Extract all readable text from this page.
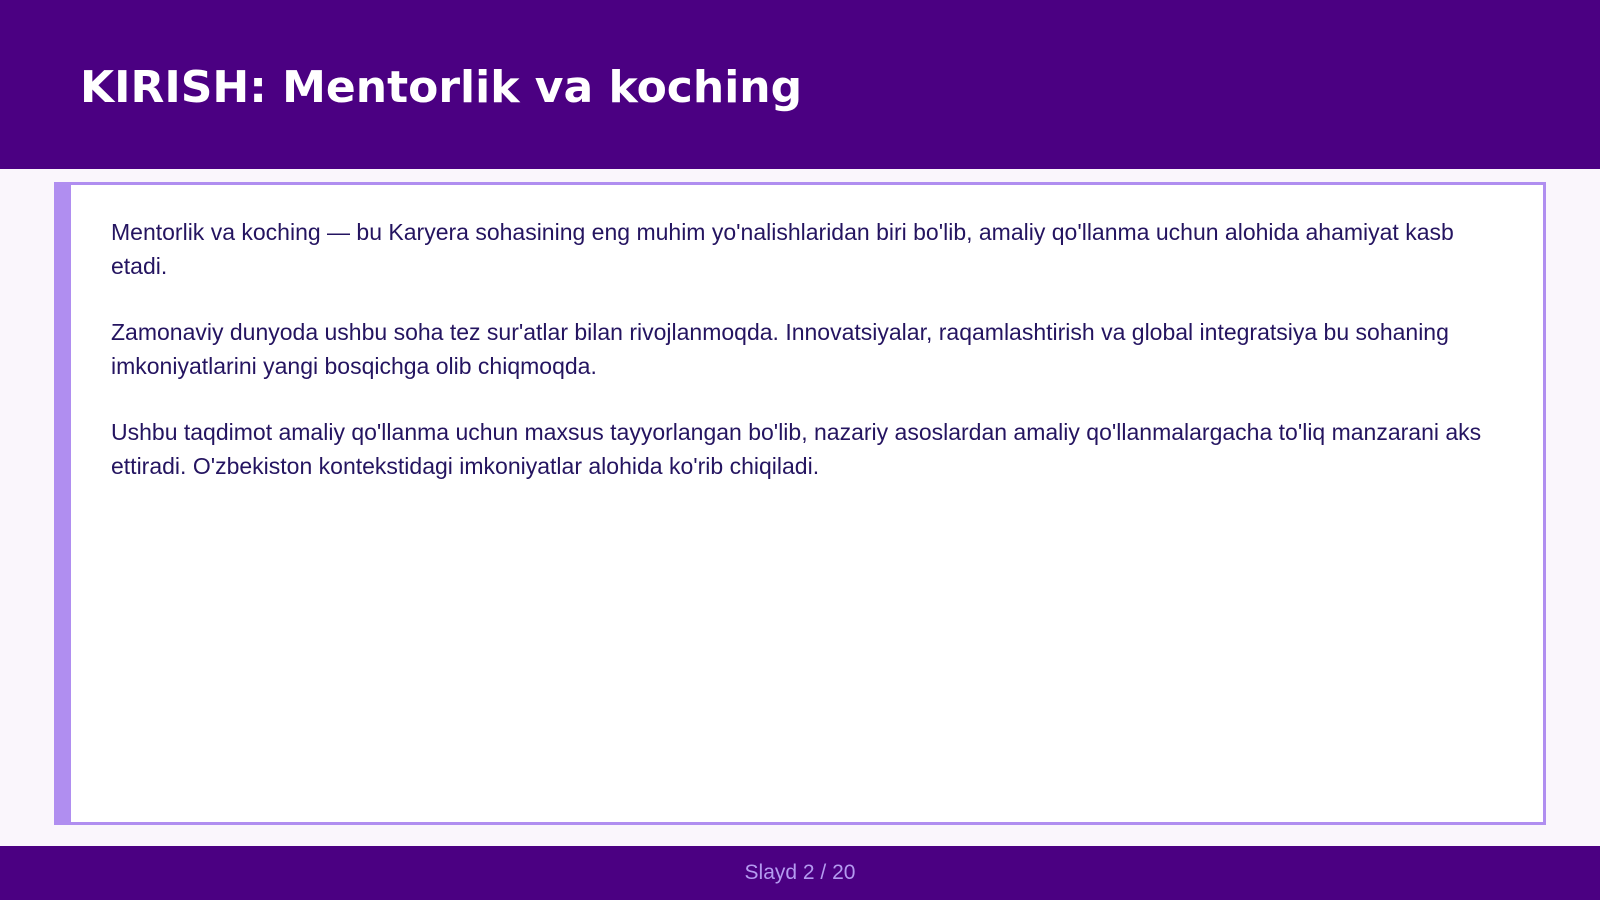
KIRISH: Mentorlik va koching

Mentorlik va koching — bu Karyera sohasining eng muhim yo'nalishlaridan biri bo'lib, amaliy qo'llanma uchun alohida ahamiyat kasb etadi.

Zamonaviy dunyoda ushbu soha tez sur'atlar bilan rivojlanmoqda. Innovatsiyalar, raqamlashtirish va global integratsiya bu sohaning imkoniyatlarini yangi bosqichga olib chiqmoqda.

Ushbu taqdimot amaliy qo'llanma uchun maxsus tayyorlangan bo'lib, nazariy asoslardan amaliy qo'llanmalargacha to'liq manzarani aks ettiradi. O'zbekiston kontekstidagi imkoniyatlar alohida ko'rib chiqiladi.

Slayd 2 / 20
